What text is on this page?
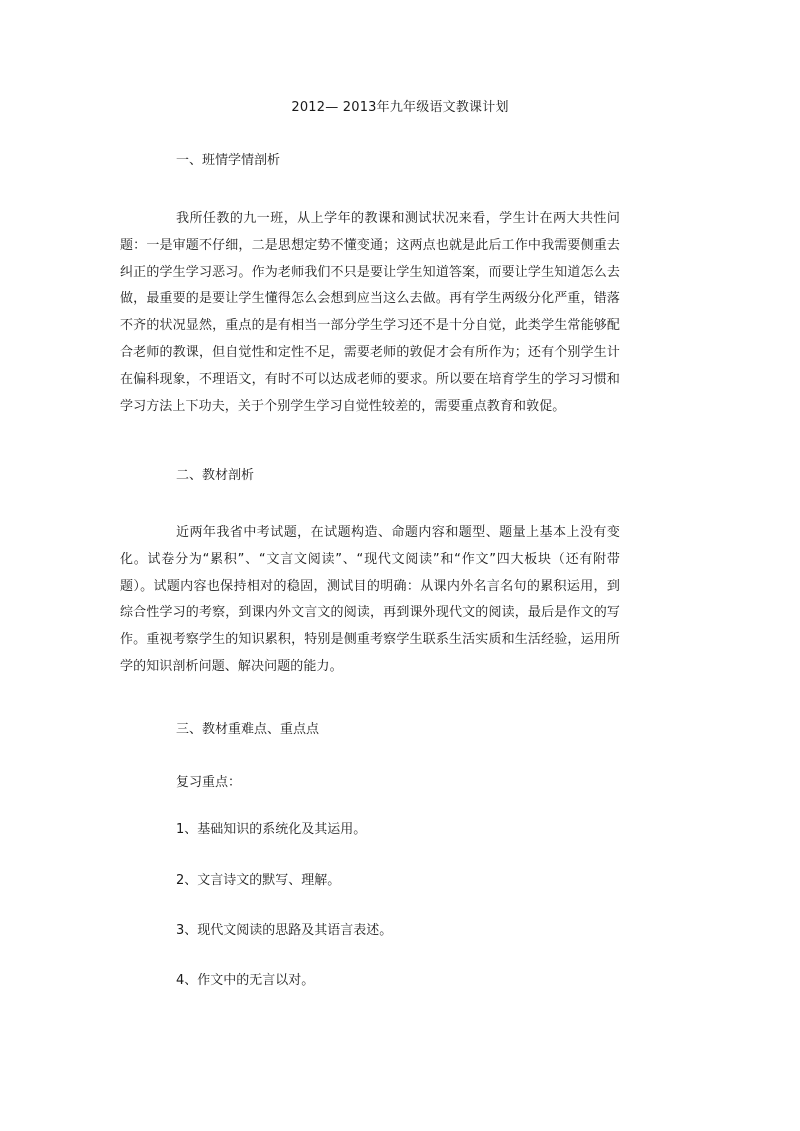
2012— 2013年九年级语文教课计划
一、班情学情剖析
我所任教的九一班，从上学年的教课和测试状况来看，学生计在两大共性问题：一是审题不仔细，二是思想定势不懂变通；这两点也就是此后工作中我需要侧重去纠正的学生学习恶习。作为老师我们不只是要让学生知道答案，而要让学生知道怎么去做，最重要的是要让学生懂得怎么会想到应当这么去做。再有学生两级分化严重，错落不齐的状况显然，重点的是有相当一部分学生学习还不是十分自觉，此类学生常能够配合老师的教课，但自觉性和定性不足，需要老师的敦促才会有所作为；还有个别学生计在偏科现象，不理语文，有时不可以达成老师的要求。所以要在培育学生的学习习惯和学习方法上下功夫，关于个别学生学习自觉性较差的，需要重点教育和敦促。
二、教材剖析
近两年我省中考试题，在试题构造、命题内容和题型、题量上基本上没有变化。试卷分为“累积”、“文言文阅读”、“现代文阅读”和“作文”四大板块（还有附带题）。试题内容也保持相对的稳固，测试目的明确：从课内外名言名句的累积运用，到综合性学习的考察，到课内外文言文的阅读，再到课外现代文的阅读，最后是作文的写作。重视考察学生的知识累积，特别是侧重考察学生联系生活实质和生活经验，运用所学的知识剖析问题、解决问题的能力。
三、教材重难点、重点点
复习重点：
1、基础知识的系统化及其运用。
2、文言诗文的默写、理解。
3、现代文阅读的思路及其语言表述。
4、作文中的无言以对。
